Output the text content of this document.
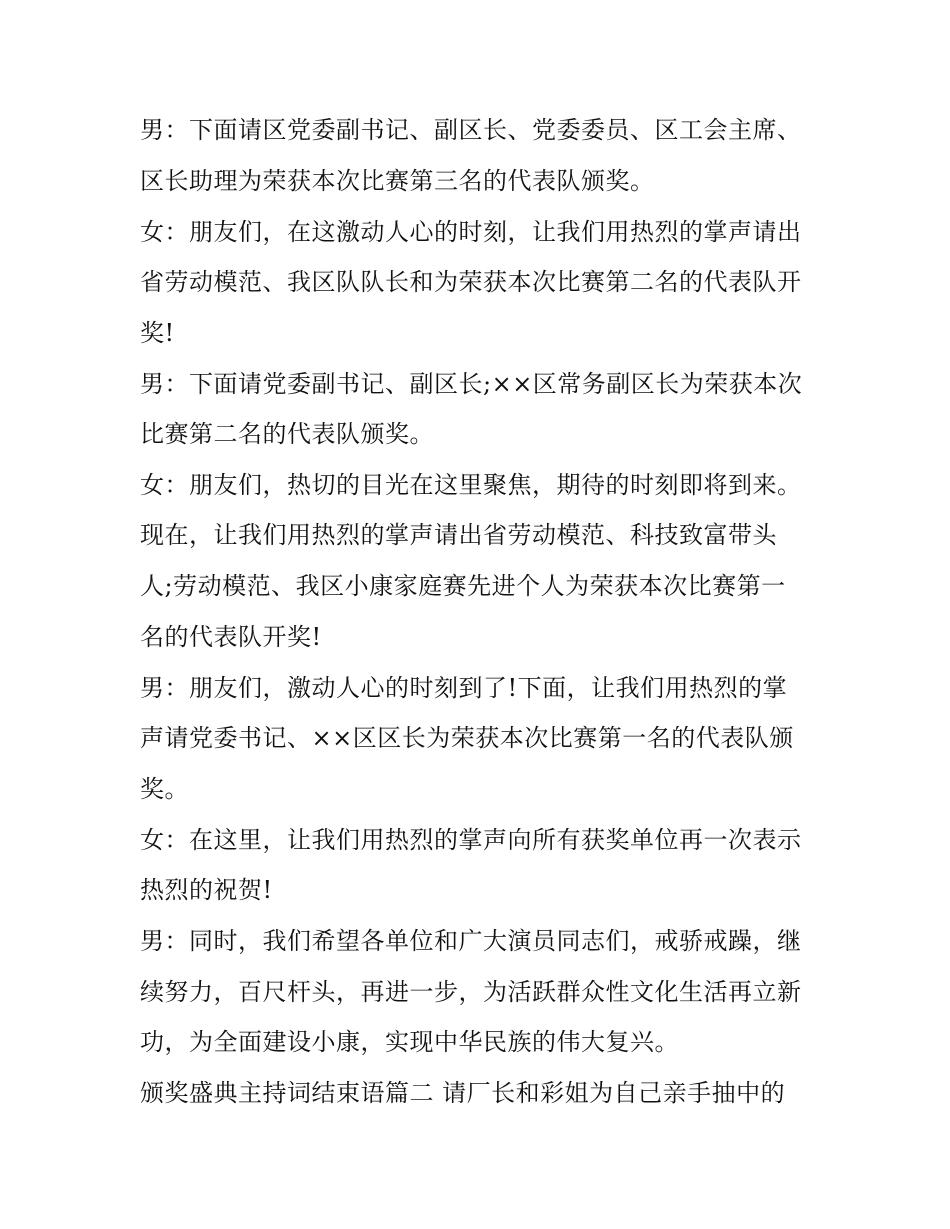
男：下面请区党委副书记、副区长、党委委员、区工会主席、
区长助理为荣获本次比赛第三名的代表队颁奖。
女：朋友们，在这激动人心的时刻，让我们用热烈的掌声请出
省劳动模范、我区队队长和为荣获本次比赛第二名的代表队开
奖!
男：下面请党委副书记、副区长;××区常务副区长为荣获本次
比赛第二名的代表队颁奖。
女：朋友们，热切的目光在这里聚焦，期待的时刻即将到来。
现在，让我们用热烈的掌声请出省劳动模范、科技致富带头
人;劳动模范、我区小康家庭赛先进个人为荣获本次比赛第一
名的代表队开奖!
男：朋友们，激动人心的时刻到了!下面，让我们用热烈的掌
声请党委书记、××区区长为荣获本次比赛第一名的代表队颁
奖。
女：在这里，让我们用热烈的掌声向所有获奖单位再一次表示
热烈的祝贺!
男：同时，我们希望各单位和广大演员同志们，戒骄戒躁，继
续努力，百尺杆头，再进一步，为活跃群众性文化生活再立新
功，为全面建设小康，实现中华民族的伟大复兴。
颁奖盛典主持词结束语篇二 请厂长和彩姐为自己亲手抽中的
